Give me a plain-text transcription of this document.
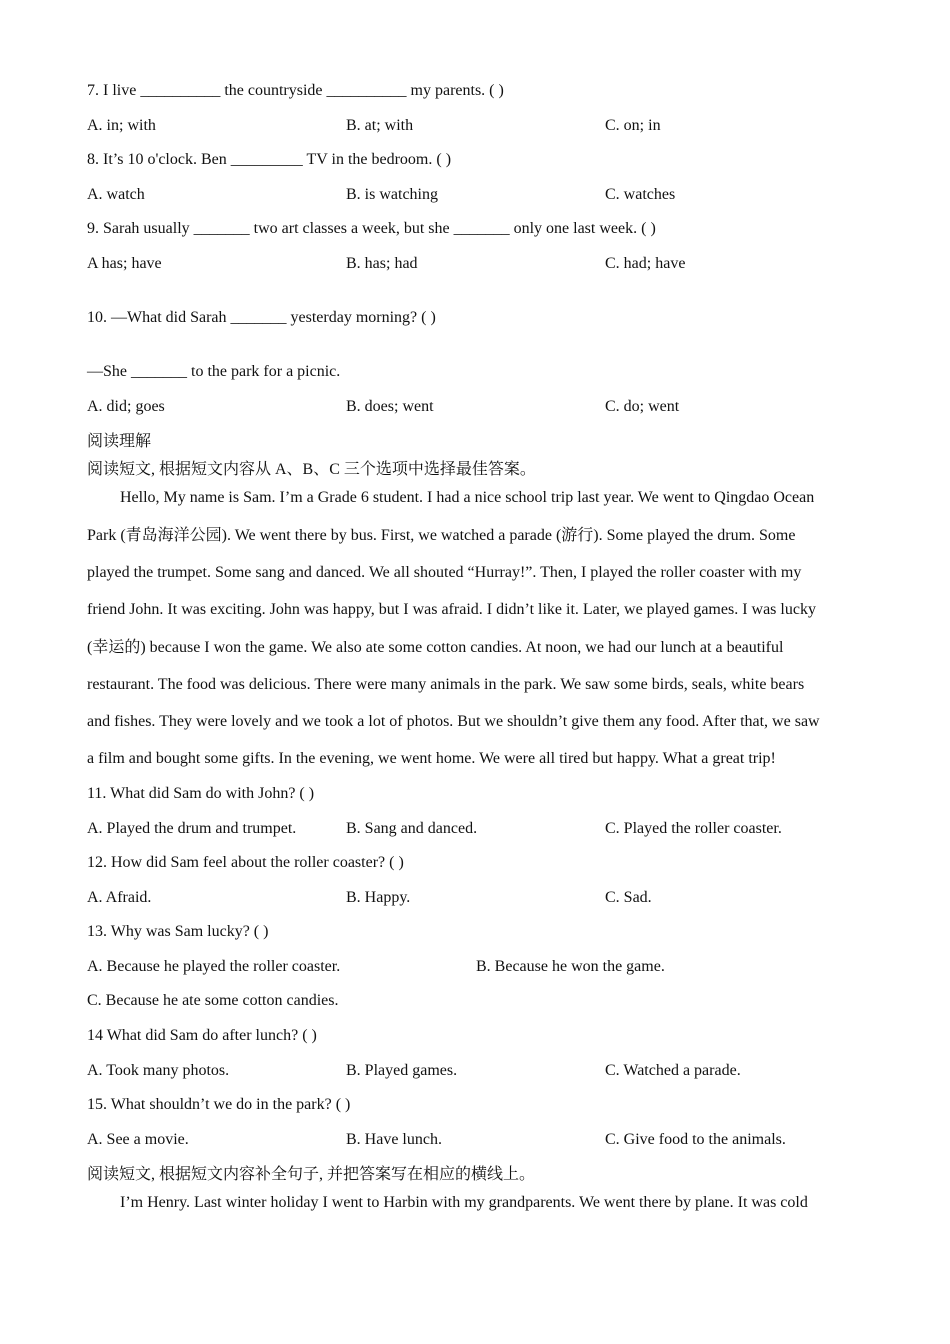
7. I live __________ the countryside __________ my parents. ( )
A. in; with	B. at; with	C. on; in
8. It’s 10 o'clock. Ben _________ TV in the bedroom. ( )
A. watch	B. is watching	C. watches
9. Sarah usually _______ two art classes a week, but she _______ only one last week. ( )
A has; have	B. has; had	C. had; have
10. —What did Sarah _______ yesterday morning? ( )
—She _______ to the park for a picnic.
A. did; goes	B. does; went	C. do; went
阅读理解
阅读短文, 根据短文内容从 A、B、C 三个选项中选择最佳答案。
Hello, My name is Sam. I’m a Grade 6 student. I had a nice school trip last year. We went to Qingdao Ocean
Park (青岛海洋公园). We went there by bus. First, we watched a parade (游行). Some played the drum. Some
played the trumpet. Some sang and danced. We all shouted “Hurray!”. Then, I played the roller coaster with my
friend John. It was exciting. John was happy, but I was afraid. I didn’t like it. Later, we played games. I was lucky
(幸运的) because I won the game. We also ate some cotton candies. At noon, we had our lunch at a beautiful
restaurant. The food was delicious. There were many animals in the park. We saw some birds, seals, white bears
and fishes. They were lovely and we took a lot of photos. But we shouldn’t give them any food. After that, we saw
a film and bought some gifts. In the evening, we went home. We were all tired but happy. What a great trip!
11. What did Sam do with John? ( )
A. Played the drum and trumpet.	B. Sang and danced.	C. Played the roller coaster.
12. How did Sam feel about the roller coaster? ( )
A. Afraid.	B. Happy.	C. Sad.
13. Why was Sam lucky? ( )
A. Because he played the roller coaster.	B. Because he won the game.
C. Because he ate some cotton candies.
14 What did Sam do after lunch? ( )
A. Took many photos.	B. Played games.	C. Watched a parade.
15. What shouldn’t we do in the park? ( )
A. See a movie.	B. Have lunch.	C. Give food to the animals.
阅读短文, 根据短文内容补全句子, 并把答案写在相应的横线上。
I’m Henry. Last winter holiday I went to Harbin with my grandparents. We went there by plane. It was cold
